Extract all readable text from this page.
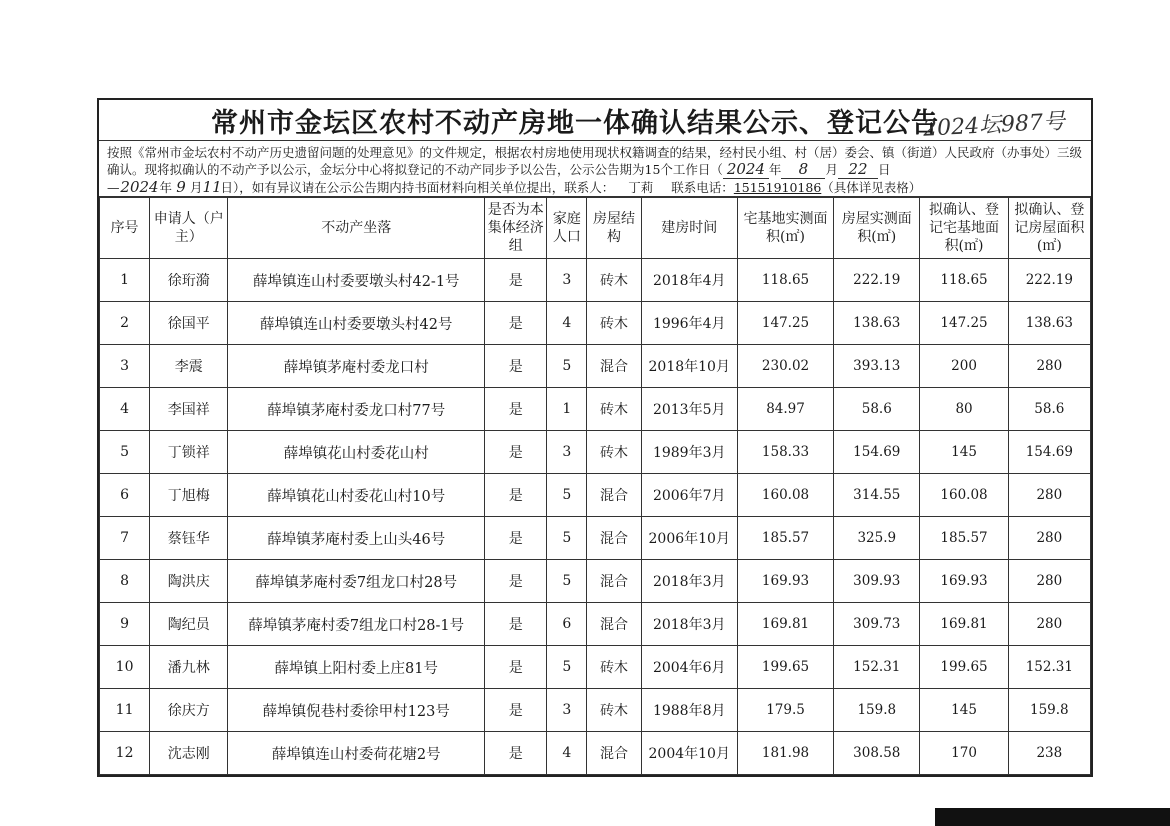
常州市金坛区农村不动产房地一体确认结果公示、登记公告
2024坛987号
按照《常州市金坛农村不动产历史遗留问题的处理意见》的文件规定，根据农村房地使用现状权籍调查的结果，经村民小组、村（居）委会、镇（街道）人民政府（办事处）三级确认。现将拟确认的不动产予以公示，金坛分中心将拟登记的不动产同步予以公告，公示公告期为15个工作日（ 2024 年 8 月 22 日
—2024年 9 月11日），如有异议请在公示公告期内持书面材料向相关单位提出，联系人： 丁莉 联系电话：15151910186（具体详见表格）
序号	申请人（户主）	不动产坐落	是否为本集体经济组	家庭人口	房屋结构	建房时间	宅基地实测面积(㎡)	房屋实测面积(㎡)	拟确认、登记宅基地面积(㎡)	拟确认、登记房屋面积(㎡)
1	徐珩漪	薛埠镇连山村委要墩头村42-1号	是	3	砖木	2018年4月	118.65	222.19	118.65	222.19
2	徐国平	薛埠镇连山村委要墩头村42号	是	4	砖木	1996年4月	147.25	138.63	147.25	138.63
3	李震	薛埠镇茅庵村委龙口村	是	5	混合	2018年10月	230.02	393.13	200	280
4	李国祥	薛埠镇茅庵村委龙口村77号	是	1	砖木	2013年5月	84.97	58.6	80	58.6
5	丁锁祥	薛埠镇花山村委花山村	是	3	砖木	1989年3月	158.33	154.69	145	154.69
6	丁旭梅	薛埠镇花山村委花山村10号	是	5	混合	2006年7月	160.08	314.55	160.08	280
7	蔡钰华	薛埠镇茅庵村委上山头46号	是	5	混合	2006年10月	185.57	325.9	185.57	280
8	陶洪庆	薛埠镇茅庵村委7组龙口村28号	是	5	混合	2018年3月	169.93	309.93	169.93	280
9	陶纪员	薛埠镇茅庵村委7组龙口村28-1号	是	6	混合	2018年3月	169.81	309.73	169.81	280
10	潘九林	薛埠镇上阳村委上庄81号	是	5	砖木	2004年6月	199.65	152.31	199.65	152.31
11	徐庆方	薛埠镇倪巷村委徐甲村123号	是	3	砖木	1988年8月	179.5	159.8	145	159.8
12	沈志刚	薛埠镇连山村委荷花塘2号	是	4	混合	2004年10月	181.98	308.58	170	238
